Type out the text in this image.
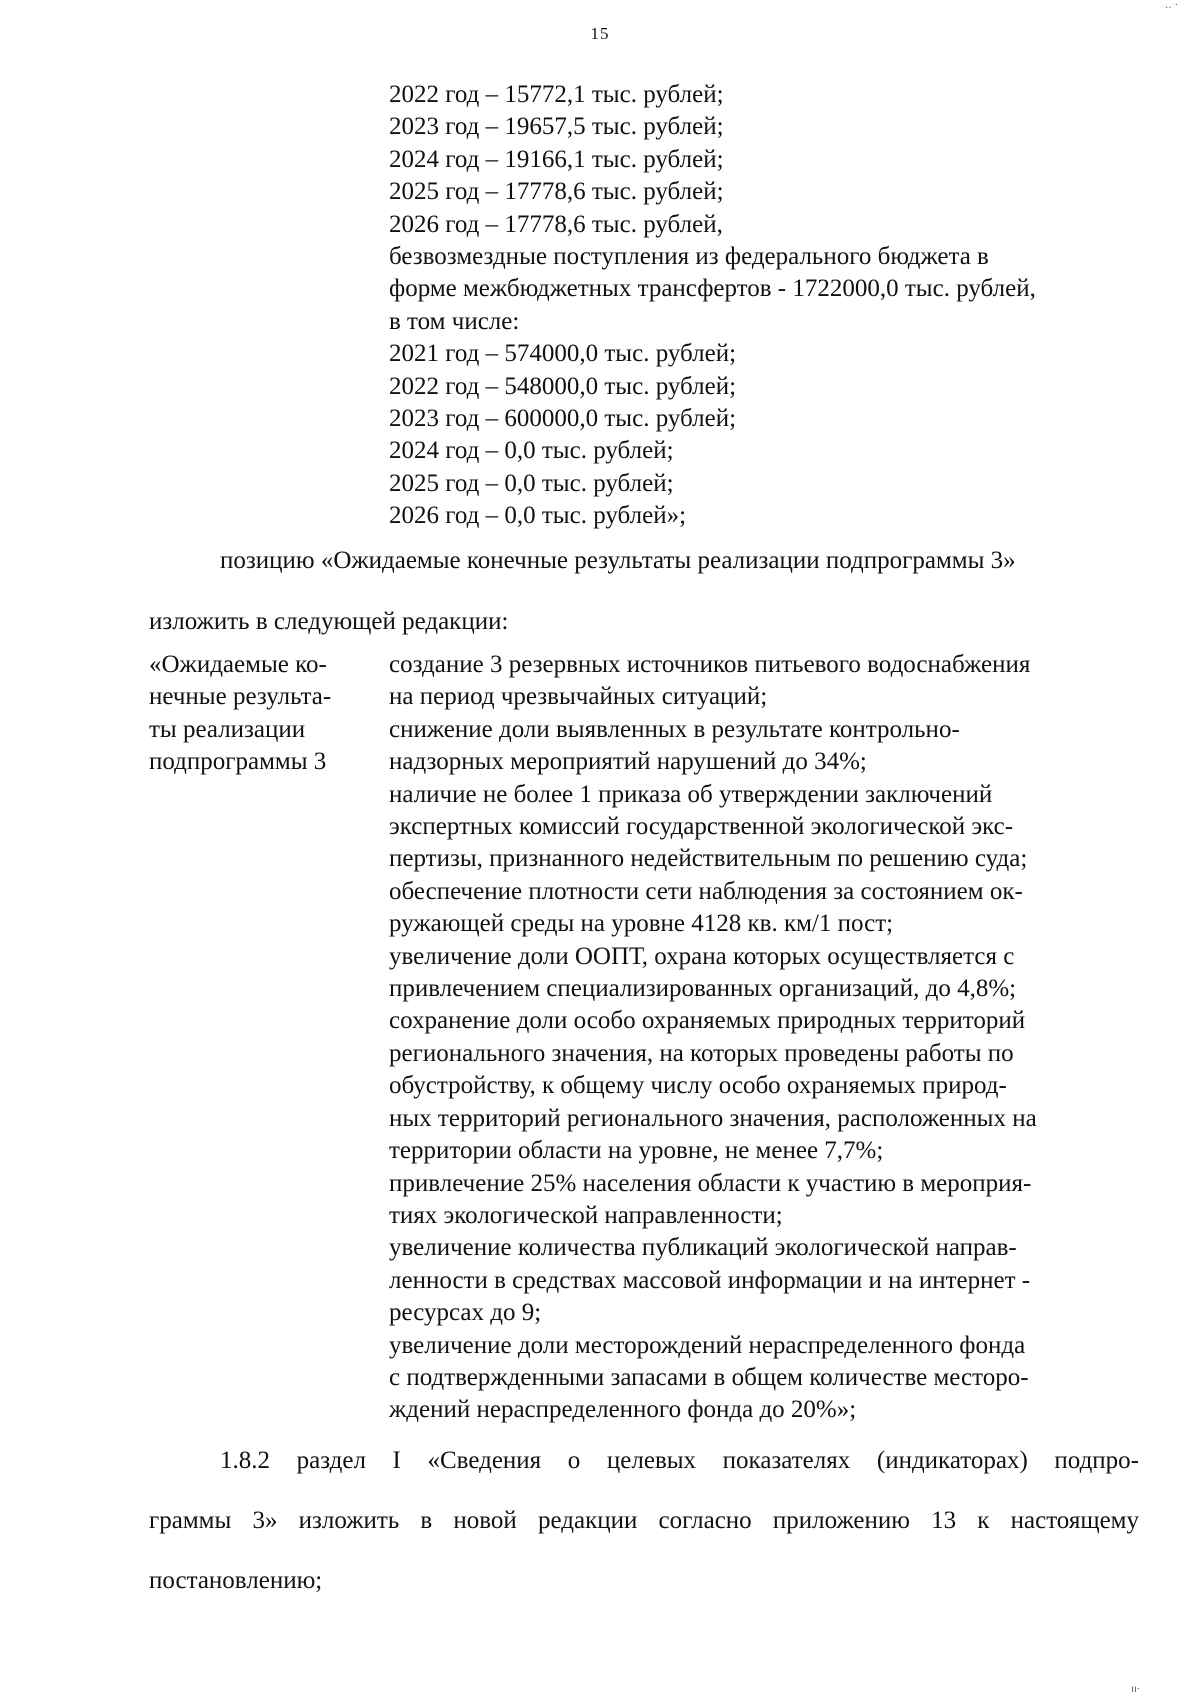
15
2022 год – 15772,1 тыс. рублей;
2023 год – 19657,5 тыс. рублей;
2024 год – 19166,1 тыс. рублей;
2025 год – 17778,6 тыс. рублей;
2026 год – 17778,6 тыс. рублей,
безвозмездные поступления из федерального бюджета в
форме межбюджетных трансфертов - 1722000,0 тыс. рублей,
в том числе:
2021 год – 574000,0 тыс. рублей;
2022 год – 548000,0 тыс. рублей;
2023 год – 600000,0 тыс. рублей;
2024 год – 0,0 тыс. рублей;
2025 год – 0,0 тыс. рублей;
2026 год – 0,0 тыс. рублей»;
позицию «Ожидаемые конечные результаты реализации подпрограммы 3»
изложить в следующей редакции:
«Ожидаемые ко-
нечные результа-
ты реализации
подпрограммы 3
создание 3 резервных источников питьевого водоснабжения
на период чрезвычайных ситуаций;
снижение доли выявленных в результате контрольно-
надзорных мероприятий нарушений до 34%;
наличие не более 1 приказа об утверждении заключений
экспертных комиссий государственной экологической экс-
пертизы, признанного недействительным по решению суда;
обеспечение плотности сети наблюдения за состоянием ок-
ружающей среды на уровне 4128 кв. км/1 пост;
увеличение доли ООПТ, охрана которых осуществляется с
привлечением специализированных организаций, до 4,8%;
сохранение доли особо охраняемых природных территорий
регионального значения, на которых проведены работы по
обустройству, к общему числу особо охраняемых природ-
ных территорий регионального значения, расположенных на
территории области на уровне, не менее 7,7%;
привлечение 25% населения области к участию в мероприя-
тиях экологической направленности;
увеличение количества публикаций экологической направ-
ленности в средствах массовой информации и на интернет -
ресурсах до 9;
увеличение доли месторождений нераспределенного фонда
с подтвержденными запасами в общем количестве месторо-
ждений нераспределенного фонда до 20%»;
1.8.2 раздел I «Сведения о целевых показателях (индикаторах) подпро-
граммы 3» изложить в новой редакции согласно приложению 13 к настоящему
постановлению;
‥ ·
ıı·
